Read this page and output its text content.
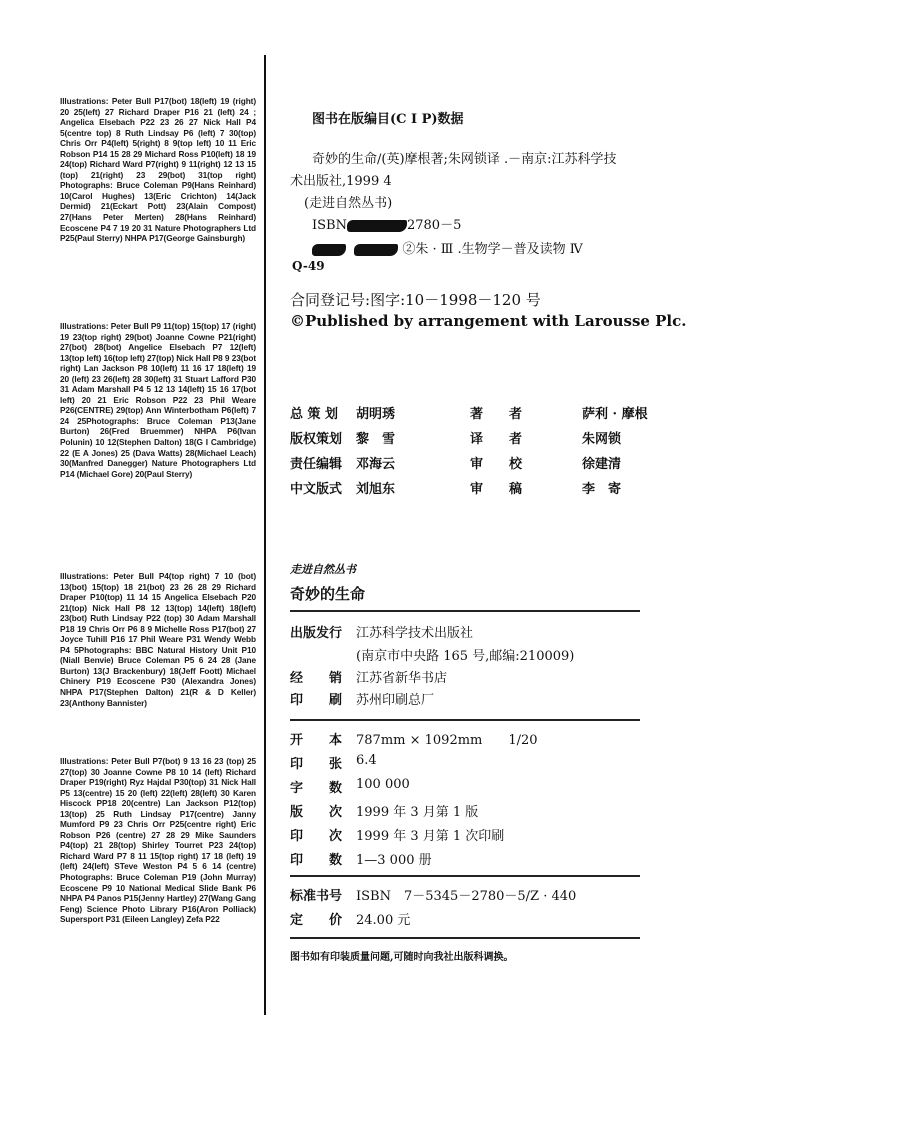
Illustrations: Peter Bull P17(bot) 18(left) 19 (right) 20 25(left) 27 Richard Draper P16 21 (left) 24 ; Angelica Elsebach P22 23 26 27 Nick Hall P4 5(centre top) 8 Ruth Lindsay P6 (left) 7 30(top) Chris Orr P4(left) 5(right) 8 9(top left) 10 11 Eric Robson P14 15 28 29 Michard Ross P10(left) 18 19 24(top) Richard Ward P7(right) 9 11(right) 12 13 15 (top) 21(right) 23 29(bot) 31(top right) Photographs: Bruce Coleman P9(Hans Reinhard) 10(Carol Hughes) 13(Eric Crichton) 14(Jack Dermid) 21(Eckart Pott) 23(Alain Compost) 27(Hans Peter Merten) 28(Hans Reinhard) Ecoscene P4 7 19 20 31 Nature Photographers Ltd P25(Paul Sterry) NHPA P17(George Gainsburgh)
Illustrations: Peter Bull P9 11(top) 15(top) 17 (right) 19 23(top right) 29(bot) Joanne Cowne P21(right) 27(bot) 28(bot) Angelice Elsebach P7 12(left) 13(top left) 16(top left) 27(top) Nick Hall P8 9 23(bot right) Lan Jackson P8 10(left) 11 16 17 18(left) 19 20 (left) 23 26(left) 28 30(left) 31 Stuart Lafford P30 31 Adam Marshall P4 5 12 13 14(left) 15 16 17(bot left) 20 21 Eric Robson P22 23 Phil Weare P26(CENTRE) 29(top) Ann Winterbotham P6(left) 7 24 25Photographs: Bruce Coleman P13(Jane Burton) 26(Fred Bruemmer) NHPA P6(Ivan Polunin) 10 12(Stephen Dalton) 18(G I Cambridge) 22 (E A Jones) 25 (Dava Watts) 28(Michael Leach) 30(Manfred Danegger) Nature Photographers Ltd P14 (Michael Gore) 20(Paul Sterry)
Illustrations: Peter Bull P4(top right) 7 10 (bot) 13(bot) 15(top) 18 21(bot) 23 26 28 29 Richard Draper P10(top) 11 14 15 Angelica Elsebach P20 21(top) Nick Hall P8 12 13(top) 14(left) 18(left) 23(bot) Ruth Lindsay P22 (top) 30 Adam Marshall P18 19 Chris Orr P6 8 9 Michelle Ross P17(bot) 27 Joyce Tuhill P16 17 Phil Weare P31 Wendy Webb P4 5Photographs: BBC Natural History Unit P10 (Niall Benvie) Bruce Coleman P5 6 24 28 (Jane Burton) 13(J Brackenbury) 18(Jeff Foott) Michael Chinery P19 Ecoscene P30 (Alexandra Jones) NHPA P17(Stephen Dalton) 21(R & D Keller) 23(Anthony Bannister)
Illustrations: Peter Bull P7(bot) 9 13 16 23 (top) 25 27(top) 30 Joanne Cowne P8 10 14 (left) Richard Draper P19(right) Ryz Hajdal P30(top) 31 Nick Hall P5 13(centre) 15 20 (left) 22(left) 28(left) 30 Karen Hiscock PP18 20(centre) Lan Jackson P12(top) 13(top) 25 Ruth Lindsay P17(centre) Janny Mumford P9 23 Chris Orr P25(centre right) Eric Robson P26 (centre) 27 28 29 Mike Saunders P4(top) 21 28(top) Shirley Tourret P23 24(top) Richard Ward P7 8 11 15(top right) 17 18 (left) 19 (left) 24(left) STeve Weston P4 5 6 14 (centre) Photographs: Bruce Coleman P19 (John Murray) Ecoscene P9 10 National Medical Slide Bank P6 NHPA P4 Panos P15(Jenny Hartley) 27(Wang Gang Feng) Science Photo Library P16(Aron Polliack) Supersport P31 (Eileen Langley) Zefa P22
图书在版编目(C I P)数据
奇妙的生命/(英)摩根著;朱网锁译 .－南京:江苏科学技
术出版社,1999 4
(走进自然丛书)
ISBN	2780－5
②朱 · Ⅲ .生物学－普及读物 Ⅳ
Q-49
合同登记号:图字:10－1998－120 号
©Published by arrangement with Larousse Plc.
总 策 划 胡明琇	著　　者	萨利 · 摩根
版权策划 黎　雪	译　　者	朱网锁
责任编辑 邓海云	审　　校	徐建清
中文版式 刘旭东	审　　稿	李　寄
走进自然丛书
奇妙的生命
出版发行 江苏科学技术出版社
(南京市中央路 165 号,邮编:210009)
经　　销 江苏省新华书店
印　　刷 苏州印刷总厂
开　　本 787mm × 1092mm　　1/20
印　　张 6.4
字　　数 100 000
版　　次 1999 年 3 月第 1 版
印　　次 1999 年 3 月第 1 次印刷
印　　数 1—3 000 册
标准书号 ISBN　7－5345－2780－5/Z · 440
定　　价 24.00 元
图书如有印装质量问题,可随时向我社出版科调换。
